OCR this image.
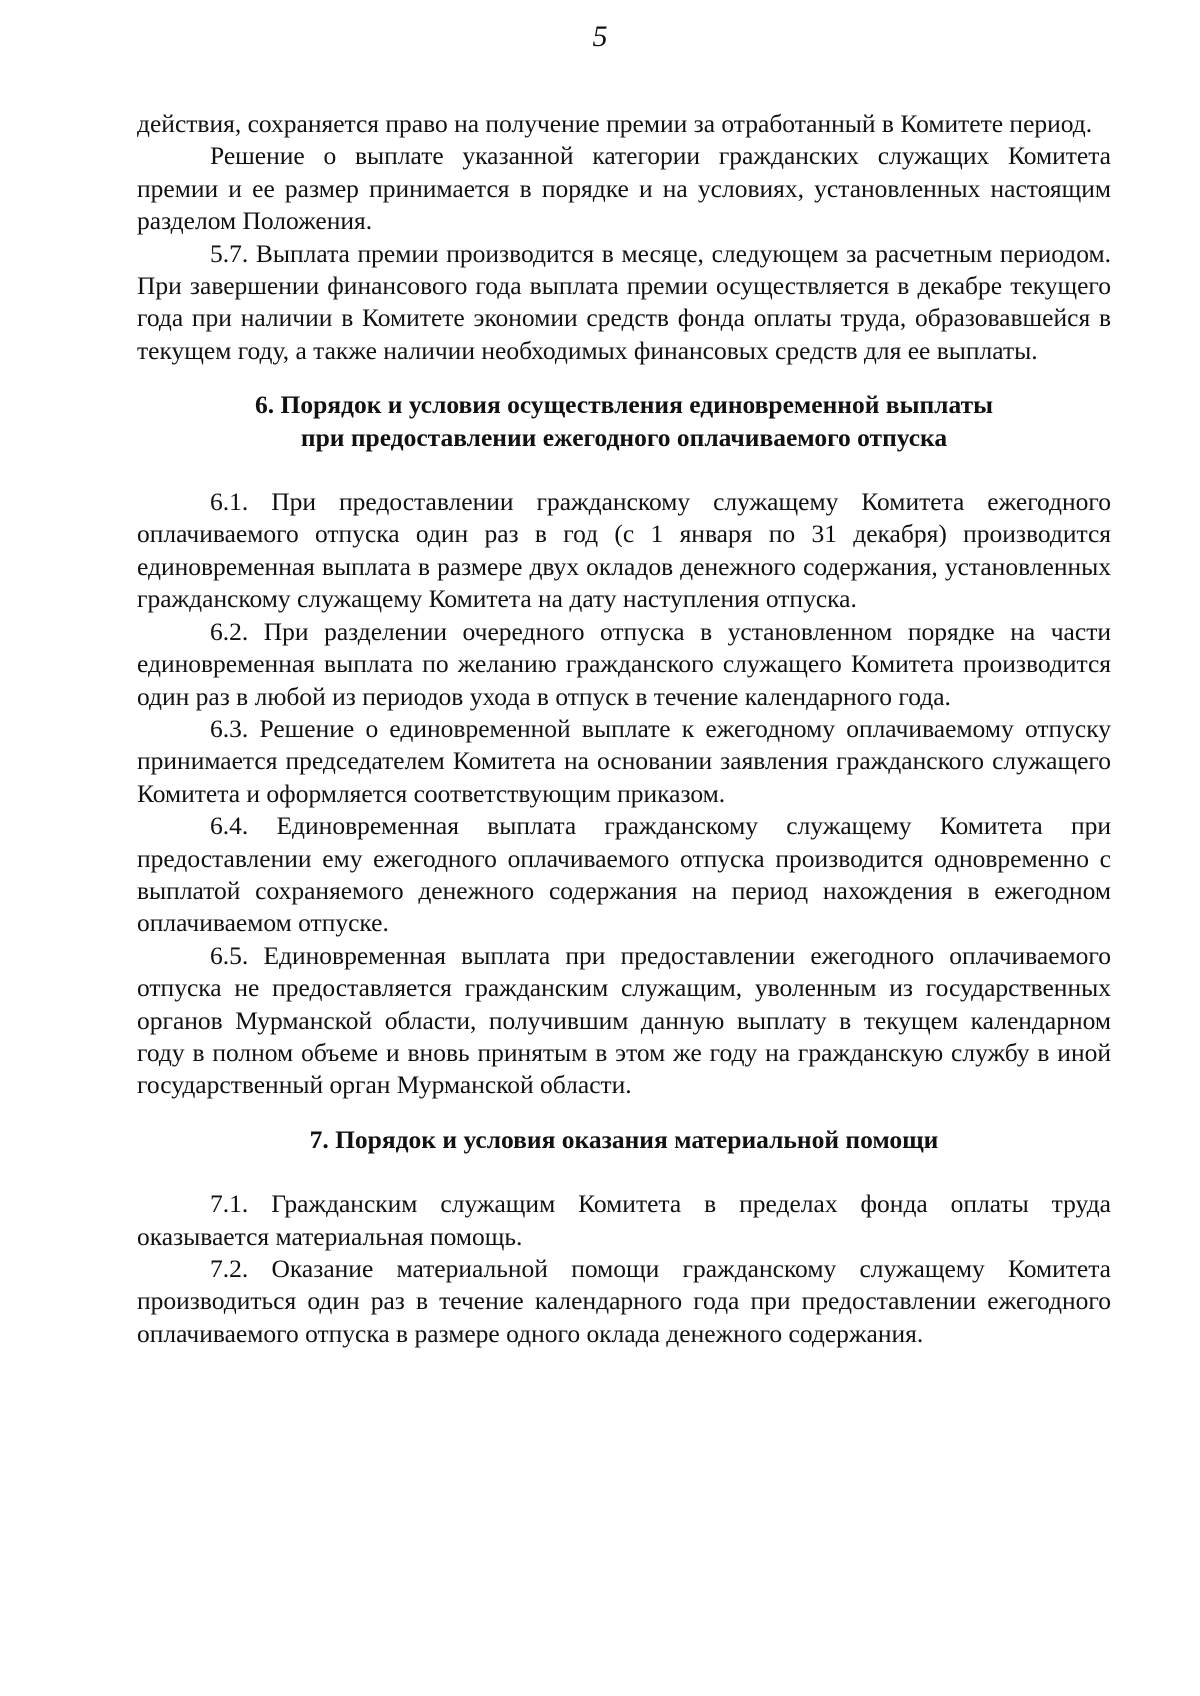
5

действия, сохраняется право на получение премии за отработанный в Комитете период.

Решение о выплате указанной категории гражданских служащих Комитета премии и ее размер принимается в порядке и на условиях, установленных настоящим разделом Положения.

5.7. Выплата премии производится в месяце, следующем за расчетным периодом. При завершении финансового года выплата премии осуществляется в декабре текущего года при наличии в Комитете экономии средств фонда оплаты труда, образовавшейся в текущем году, а также наличии необходимых финансовых средств для ее выплаты.

6. Порядок и условия осуществления единовременной выплаты
при предоставлении ежегодного оплачиваемого отпуска

6.1. При предоставлении гражданскому служащему Комитета ежегодного оплачиваемого отпуска один раз в год (с 1 января по 31 декабря) производится единовременная выплата в размере двух окладов денежного содержания, установленных гражданскому служащему Комитета на дату наступления отпуска.

6.2. При разделении очередного отпуска в установленном порядке на части единовременная выплата по желанию гражданского служащего Комитета производится один раз в любой из периодов ухода в отпуск в течение календарного года.

6.3. Решение о единовременной выплате к ежегодному оплачиваемому отпуску принимается председателем Комитета на основании заявления гражданского служащего Комитета и оформляется соответствующим приказом.

6.4. Единовременная выплата гражданскому служащему Комитета при предоставлении ему ежегодного оплачиваемого отпуска производится одновременно с выплатой сохраняемого денежного содержания на период нахождения в ежегодном оплачиваемом отпуске.

6.5. Единовременная выплата при предоставлении ежегодного оплачиваемого отпуска не предоставляется гражданским служащим, уволенным из государственных органов Мурманской области, получившим данную выплату в текущем календарном году в полном объеме и вновь принятым в этом же году на гражданскую службу в иной государственный орган Мурманской области.

7. Порядок и условия оказания материальной помощи

7.1. Гражданским служащим Комитета в пределах фонда оплаты труда оказывается материальная помощь.

7.2. Оказание материальной помощи гражданскому служащему Комитета производиться один раз в течение календарного года при предоставлении ежегодного оплачиваемого отпуска в размере одного оклада денежного содержания.
